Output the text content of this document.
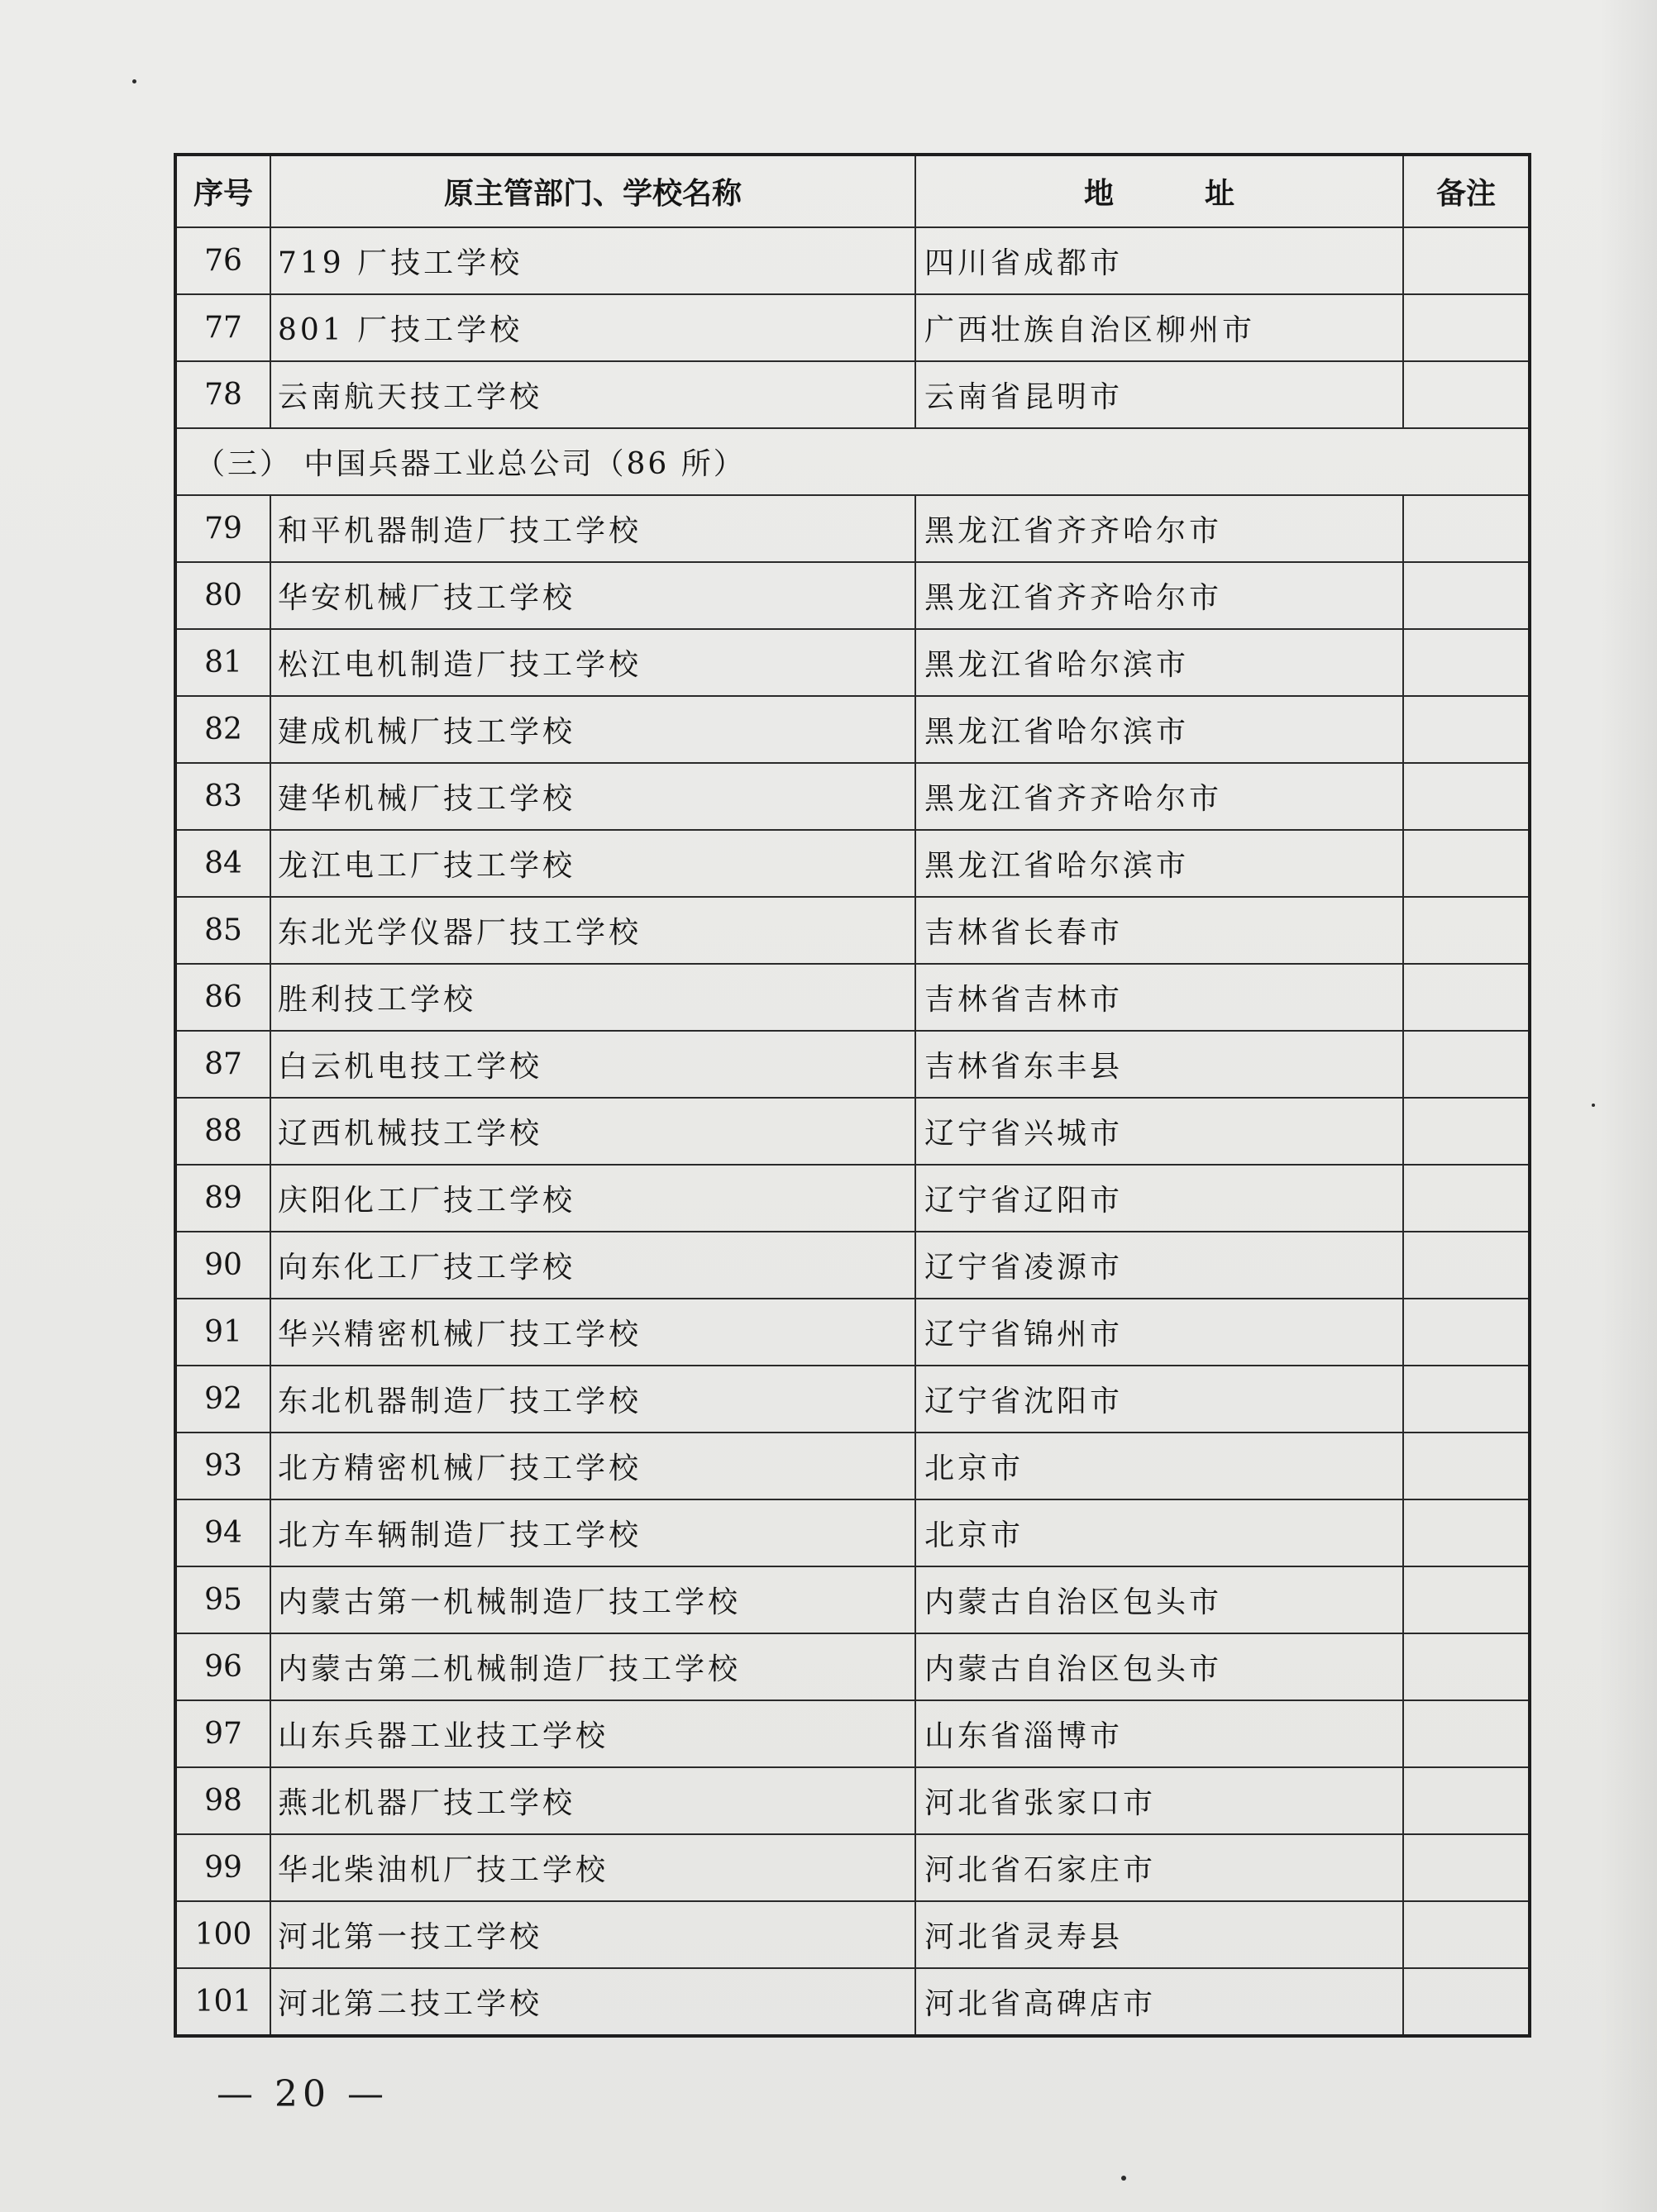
序号	原主管部门、学校名称	地 址	备注
76	719 厂技工学校	四川省成都市	
77	801 厂技工学校	广西壮族自治区柳州市	
78	云南航天技工学校	云南省昆明市	
（三） 中国兵器工业总公司（86 所）			
79	和平机器制造厂技工学校	黑龙江省齐齐哈尔市	
80	华安机械厂技工学校	黑龙江省齐齐哈尔市	
81	松江电机制造厂技工学校	黑龙江省哈尔滨市	
82	建成机械厂技工学校	黑龙江省哈尔滨市	
83	建华机械厂技工学校	黑龙江省齐齐哈尔市	
84	龙江电工厂技工学校	黑龙江省哈尔滨市	
85	东北光学仪器厂技工学校	吉林省长春市	
86	胜利技工学校	吉林省吉林市	
87	白云机电技工学校	吉林省东丰县	
88	辽西机械技工学校	辽宁省兴城市	
89	庆阳化工厂技工学校	辽宁省辽阳市	
90	向东化工厂技工学校	辽宁省凌源市	
91	华兴精密机械厂技工学校	辽宁省锦州市	
92	东北机器制造厂技工学校	辽宁省沈阳市	
93	北方精密机械厂技工学校	北京市	
94	北方车辆制造厂技工学校	北京市	
95	内蒙古第一机械制造厂技工学校	内蒙古自治区包头市	
96	内蒙古第二机械制造厂技工学校	内蒙古自治区包头市	
97	山东兵器工业技工学校	山东省淄博市	
98	燕北机器厂技工学校	河北省张家口市	
99	华北柴油机厂技工学校	河北省石家庄市	
100	河北第一技工学校	河北省灵寿县	
101	河北第二技工学校	河北省高碑店市	
— 20 —
